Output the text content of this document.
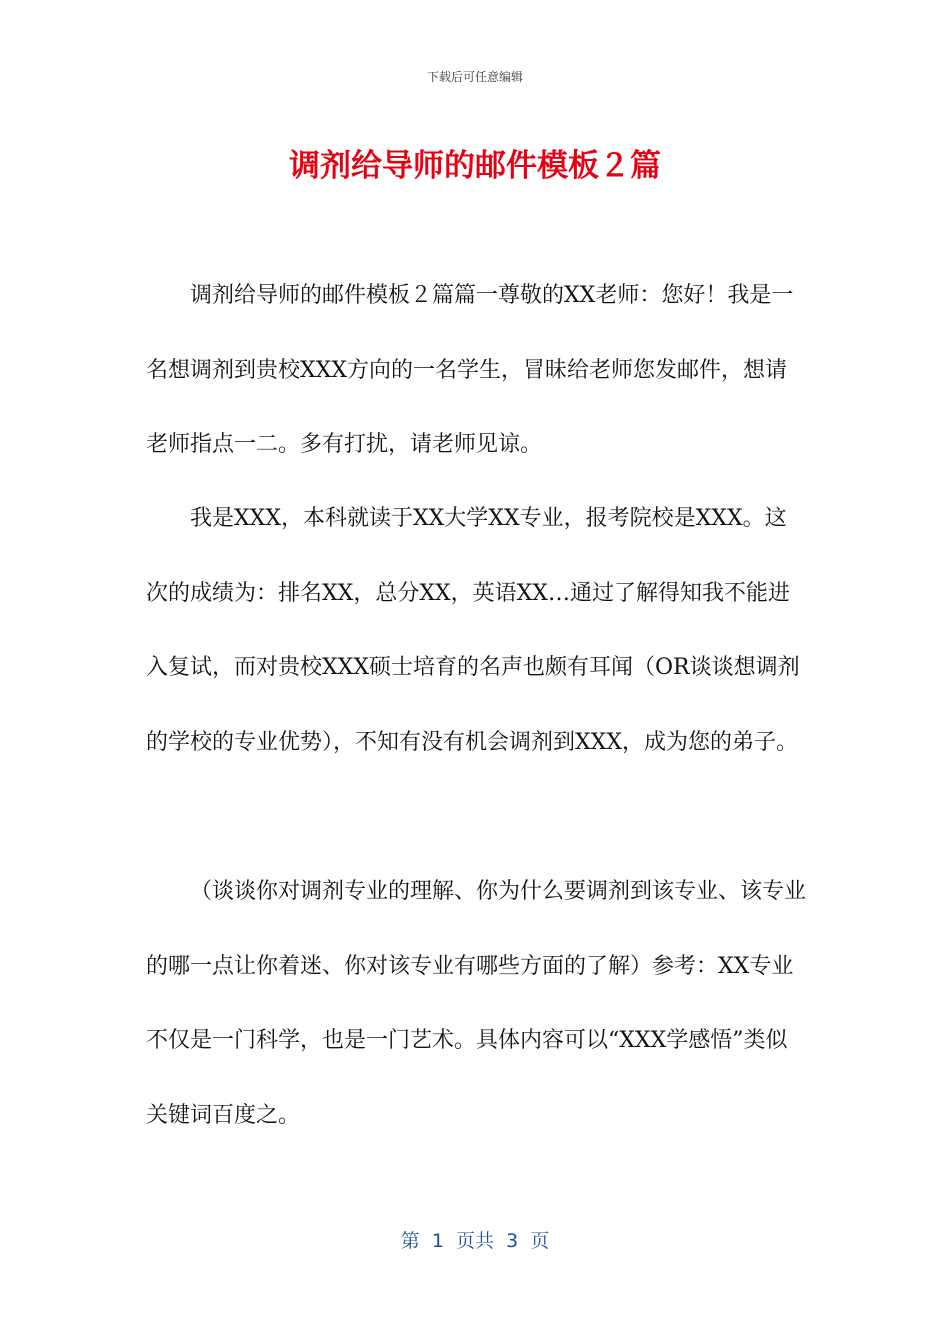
下载后可任意编辑
调剂给导师的邮件模板２篇

调剂给导师的邮件模板２篇篇一尊敬的XX老师：您好！我是一名想调剂到贵校XXX方向的一名学生，冒昧给老师您发邮件，想请老师指点一二。多有打扰，请老师见谅。

我是XXX，本科就读于XX大学XX专业，报考院校是XXX。这次的成绩为：排名XX，总分XX，英语XX…通过了解得知我不能进入复试，而对贵校XXX硕士培育的名声也颇有耳闻（OR谈谈想调剂的学校的专业优势），不知有没有机会调剂到XXX，成为您的弟子。

（谈谈你对调剂专业的理解、你为什么要调剂到该专业、该专业的哪一点让你着迷、你对该专业有哪些方面的了解）参考：XX专业不仅是一门科学，也是一门艺术。具体内容可以“XXX学感悟”类似关键词百度之。

第  1  页共  3  页
